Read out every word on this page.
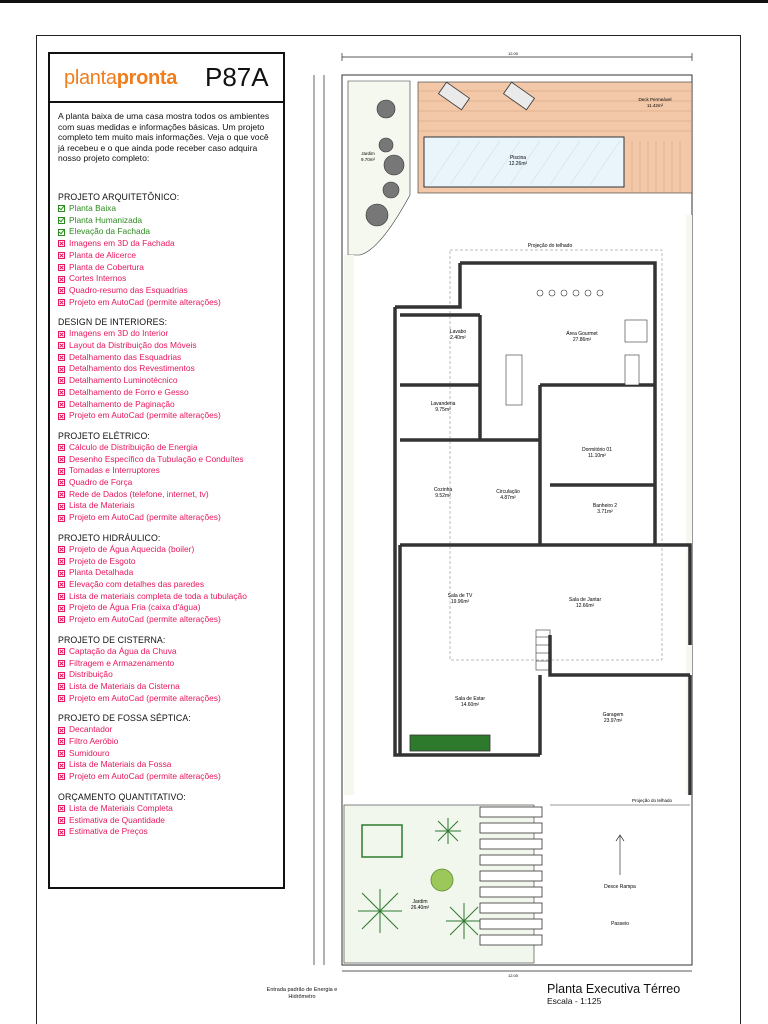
plantapronta P87A
A planta baixa de uma casa mostra todos os ambientes com suas medidas e informações básicas. Um projeto completo tem muito mais informações. Veja o que você já recebeu e o que ainda pode receber caso adquira nosso projeto completo:
PROJETO ARQUITETÔNICO:
Planta Baixa
Planta Humanizada
Elevação da Fachada
Imagens em 3D da Fachada
Planta de Alicerce
Planta de Cobertura
Cortes Internos
Quadro-resumo das Esquadrias
Projeto em AutoCad (permite alterações)
DESIGN DE INTERIORES:
Imagens em 3D do Interior
Layout da Distribuição dos Móveis
Detalhamento das Esquadrias
Detalhamento dos Revestimentos
Detalhamento Luminotécnico
Detalhamento de Forro e Gesso
Detalhamento de Paginação
Projeto em AutoCad (permite alterações)
PROJETO ELÉTRICO:
Cálculo de Distribuição de Energia
Desenho Específico da Tubulação e Conduítes
Tomadas e Interruptores
Quadro de Força
Rede de Dados (telefone, internet, tv)
Lista de Materiais
Projeto em AutoCad (permite alterações)
PROJETO HIDRÁULICO:
Projeto de Água Aquecida (boiler)
Projeto de Esgoto
Planta Detalhada
Elevação com detalhes das paredes
Lista de materiais completa de toda a tubulação
Projeto de Água Fria (caixa d'água)
Projeto em AutoCad (permite alterações)
PROJETO DE CISTERNA:
Captação da Água da Chuva
Filtragem e Armazenamento
Distribuição
Lista de Materiais da Cisterna
Projeto em AutoCad (permite alterações)
PROJETO DE FOSSA SÉPTICA:
Decantador
Filtro Aeróbio
Sumidouro
Lista de Materiais da Fossa
Projeto em AutoCad (permite alterações)
ORÇAMENTO QUANTITATIVO:
Lista de Materiais Completa
Estimativa de Quantidade
Estimativa de Preços
12.00
12.00
Jardim
9.70m²
Deck Permeável
11.42m²
Piscina
12.26m²
Projeção do telhado
Área Gourmet
27.86m²
Lavabo
2.40m²
Lavanderia
9.75m²
Dormitório 01
11.10m²
Cozinha
9.52m²
Circulação
4.87m²
Banheiro 2
3.71m²
Sala de TV
19.96m²	Sala de Jantar
12.66m²
Sala de Estar
14.60m²
Garagem
23.97m²
Jardim
26.40m²
Projeção do telhado
Desce Rampa
Passeio
Entrada padrão de Energia e Hidrômetro
Planta Executiva Térreo
Escala - 1:125
